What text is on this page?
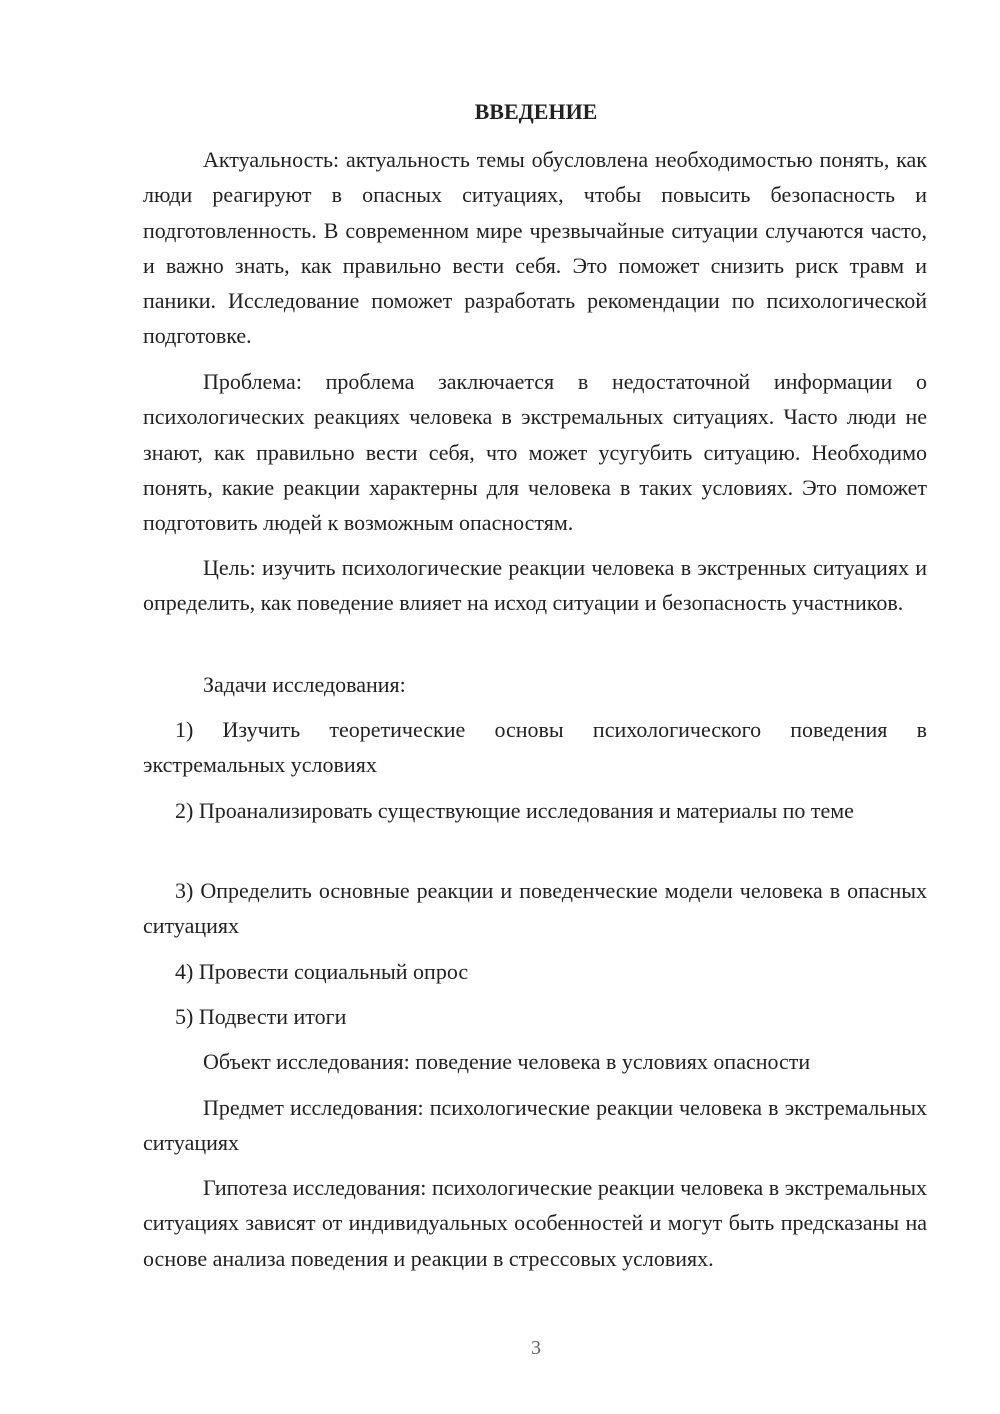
ВВЕДЕНИЕ

Актуальность: актуальность темы обусловлена необходимостью понять, как люди реагируют в опасных ситуациях, чтобы повысить безопасность и подготовленность. В современном мире чрезвычайные ситуации случаются часто, и важно знать, как правильно вести себя. Это поможет снизить риск травм и паники. Исследование поможет разработать рекомендации по психологической подготовке.

Проблема: проблема заключается в недостаточной информации о психологических реакциях человека в экстремальных ситуациях. Часто люди не знают, как правильно вести себя, что может усугубить ситуацию. Необходимо понять, какие реакции характерны для человека в таких условиях. Это поможет подготовить людей к возможным опасностям.

Цель: изучить психологические реакции человека в экстренных ситуациях и определить, как поведение влияет на исход ситуации и безопасность участников.

Задачи исследования:

1) Изучить теоретические основы психологического поведения в экстремальных условиях

2) Проанализировать существующие исследования и материалы по теме

3) Определить основные реакции и поведенческие модели человека в опасных ситуациях

4) Провести социальный опрос

5) Подвести итоги

Объект исследования: поведение человека в условиях опасности

Предмет исследования: психологические реакции человека в экстремальных ситуациях

Гипотеза исследования: психологические реакции человека в экстремальных ситуациях зависят от индивидуальных особенностей и могут быть предсказаны на основе анализа поведения и реакции в стрессовых условиях.

3
